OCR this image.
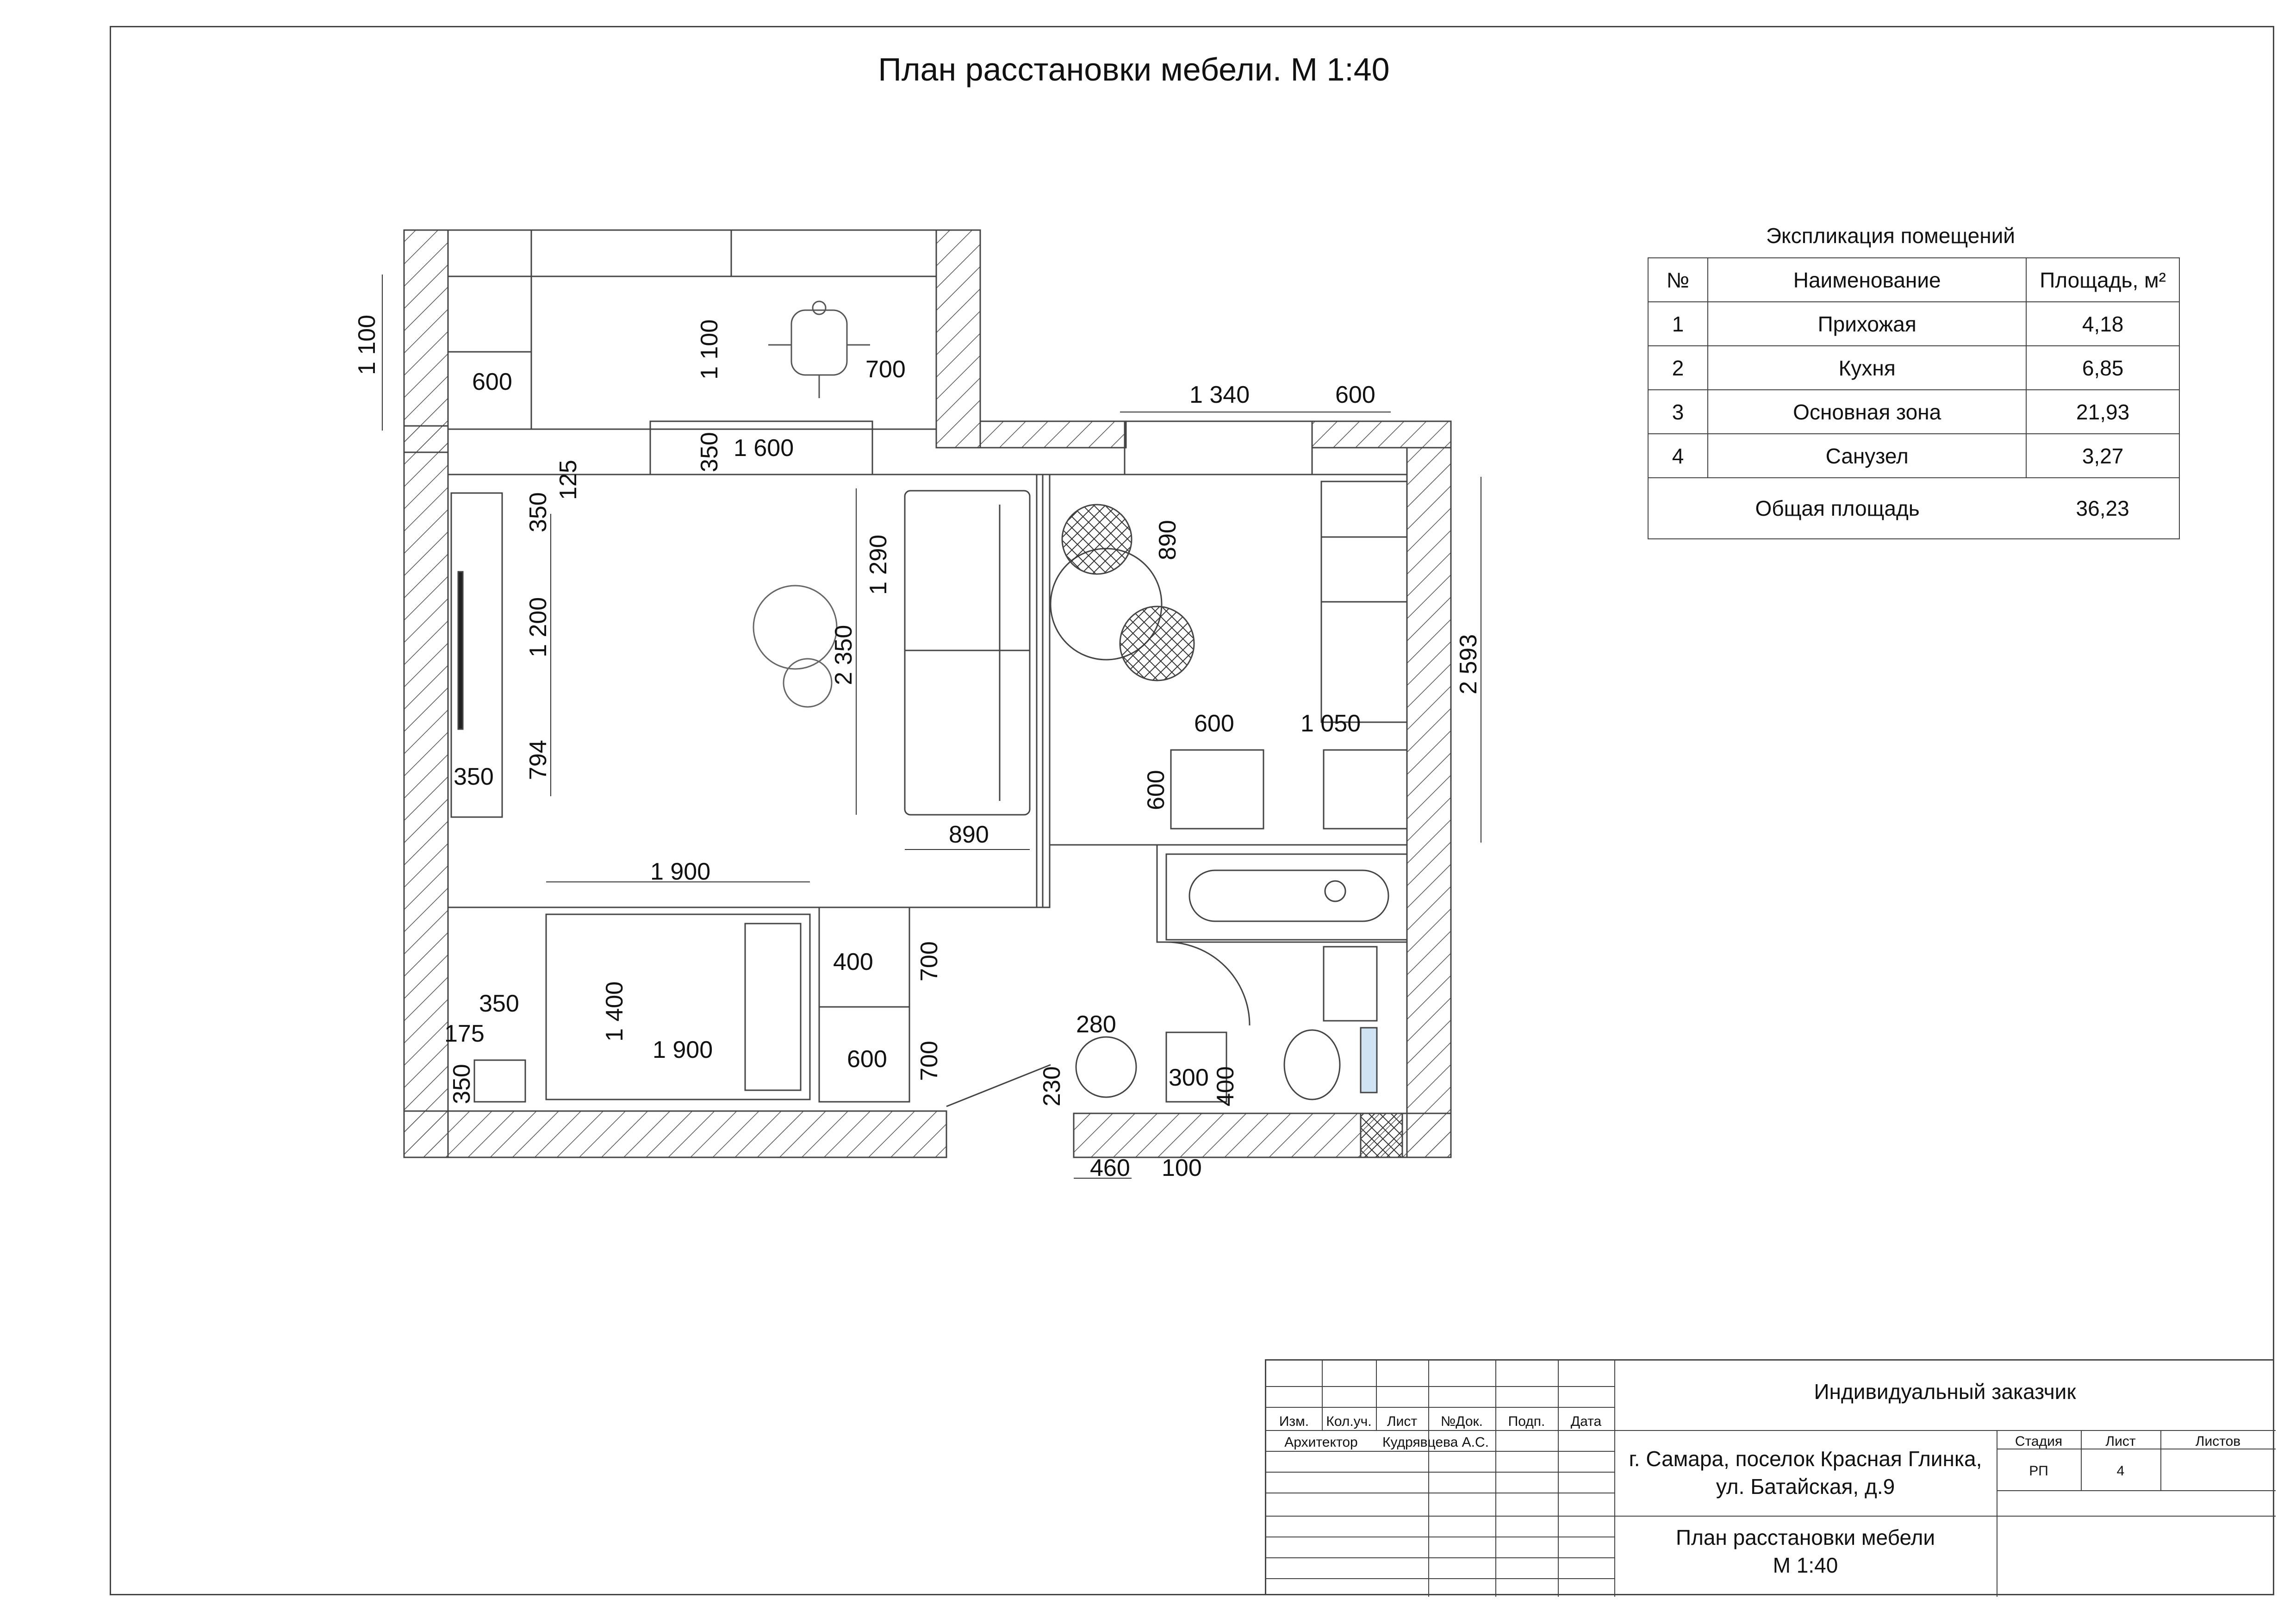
План расстановки мебели. М 1:40
1 100
600
1 100	700
350 1 600
125
350
1 200
794
350
1 290
2 350
890
1 340	600
890
2 593
600	1 050
600
1 900
1 400
1 900
400
600
700
700
350
175
350
280
230	300 400
460 100
Экспликация помещений
№	Наименование	Площадь, м²
1	Прихожая	4,18
2	Кухня	6,85
3	Основная зона	21,93
4	Санузел	3,27
Общая площадь		36,23
Изм.	Кол.уч.	Лист	№Док.	Подп.	Дата
Архитектор	Кудрявцева А.С.
Индивидуальный заказчик
г. Самара, поселок Красная Глинка,
ул. Батайская, д.9
План расстановки мебели
М 1:40
Стадия	Лист	Листов
РП	4
